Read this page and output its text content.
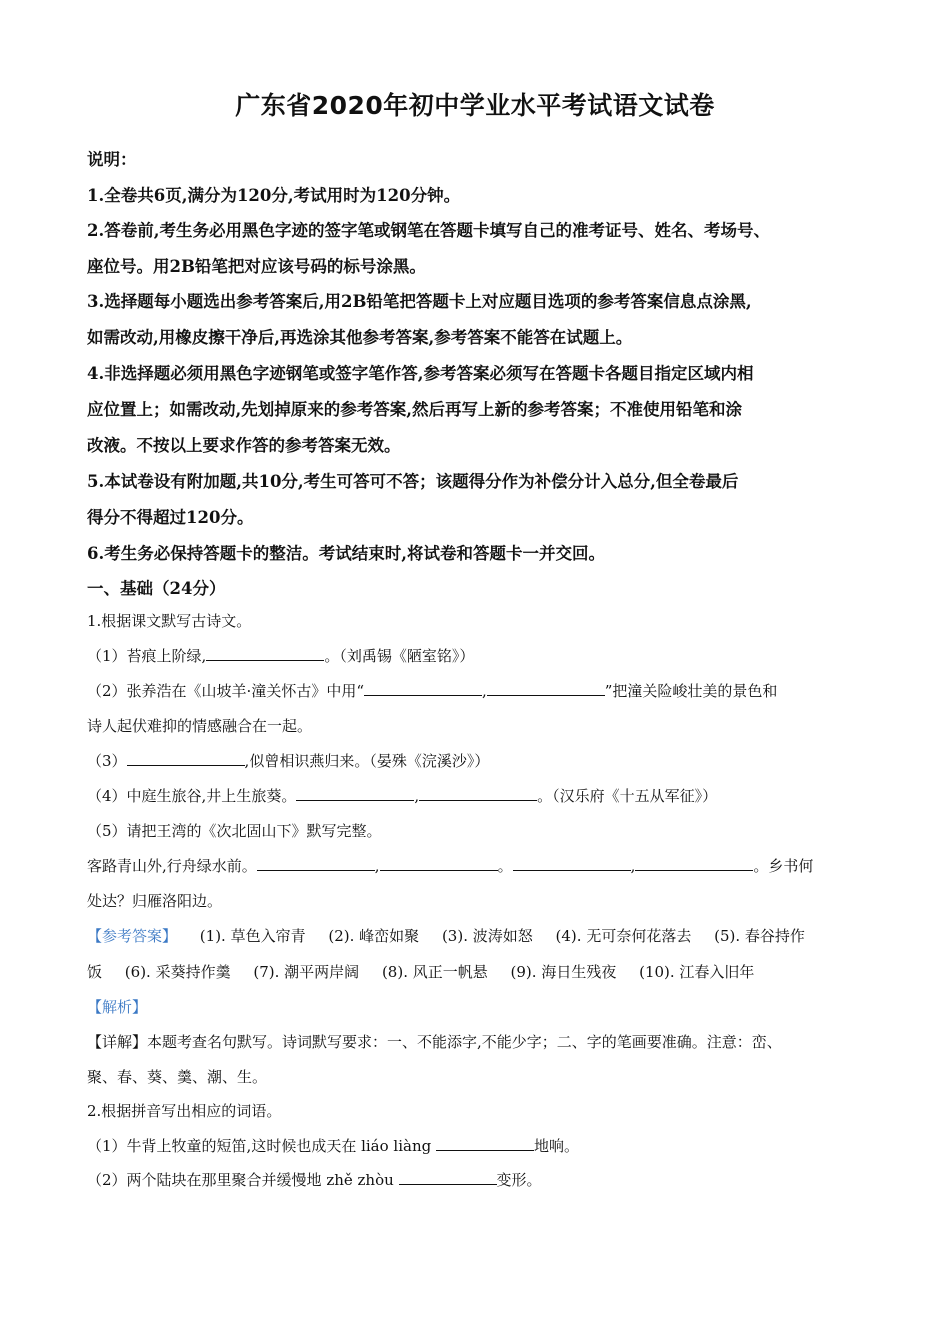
广东省2020年初中学业水平考试语文试卷

说明：

1.全卷共6页,满分为120分,考试用时为120分钟。

2.答卷前,考生务必用黑色字迹的签字笔或钢笔在答题卡填写自己的准考证号、姓名、考场号、

座位号。用2B铅笔把对应该号码的标号涂黑。

3.选择题每小题选出参考答案后,用2B铅笔把答题卡上对应题目选项的参考答案信息点涂黑,

如需改动,用橡皮擦干净后,再选涂其他参考答案,参考答案不能答在试题上。

4.非选择题必须用黑色字迹钢笔或签字笔作答,参考答案必须写在答题卡各题目指定区域内相

应位置上；如需改动,先划掉原来的参考答案,然后再写上新的参考答案；不准使用铅笔和涂

改液。不按以上要求作答的参考答案无效。

5.本试卷设有附加题,共10分,考生可答可不答；该题得分作为补偿分计入总分,但全卷最后

得分不得超过120分。

6.考生务必保持答题卡的整洁。考试结束时,将试卷和答题卡一并交回。

一、基础（24分）

1.根据课文默写古诗文。

（1）苔痕上阶绿,	。（刘禹锡《陋室铭》）

（2）张养浩在《山坡羊·潼关怀古》中用“	,	”把潼关险峻壮美的景色和

诗人起伏难抑的情感融合在一起。

（3）	,似曾相识燕归来。（晏殊《浣溪沙》）

（4）中庭生旅谷,井上生旅葵。	,	。（汉乐府《十五从军征》）

（5）请把王湾的《次北固山下》默写完整。

客路青山外,行舟绿水前。	,	。	,	。乡书何

处达？归雁洛阳边。

【参考答案】 (1). 草色入帘青 (2). 峰峦如聚 (3). 波涛如怒 (4). 无可奈何花落去 (5). 春谷持作

饭 (6). 采葵持作羹 (7). 潮平两岸阔 (8). 风正一帆悬 (9). 海日生残夜 (10). 江春入旧年

【解析】

【详解】本题考查名句默写。诗词默写要求：一、不能添字,不能少字；二、字的笔画要准确。注意：峦、

聚、春、葵、羹、潮、生。

2.根据拼音写出相应的词语。

（1）牛背上牧童的短笛,这时候也成天在 liáo liàng	地响。

（2）两个陆块在那里聚合并缓慢地 zhě zhòu	变形。
